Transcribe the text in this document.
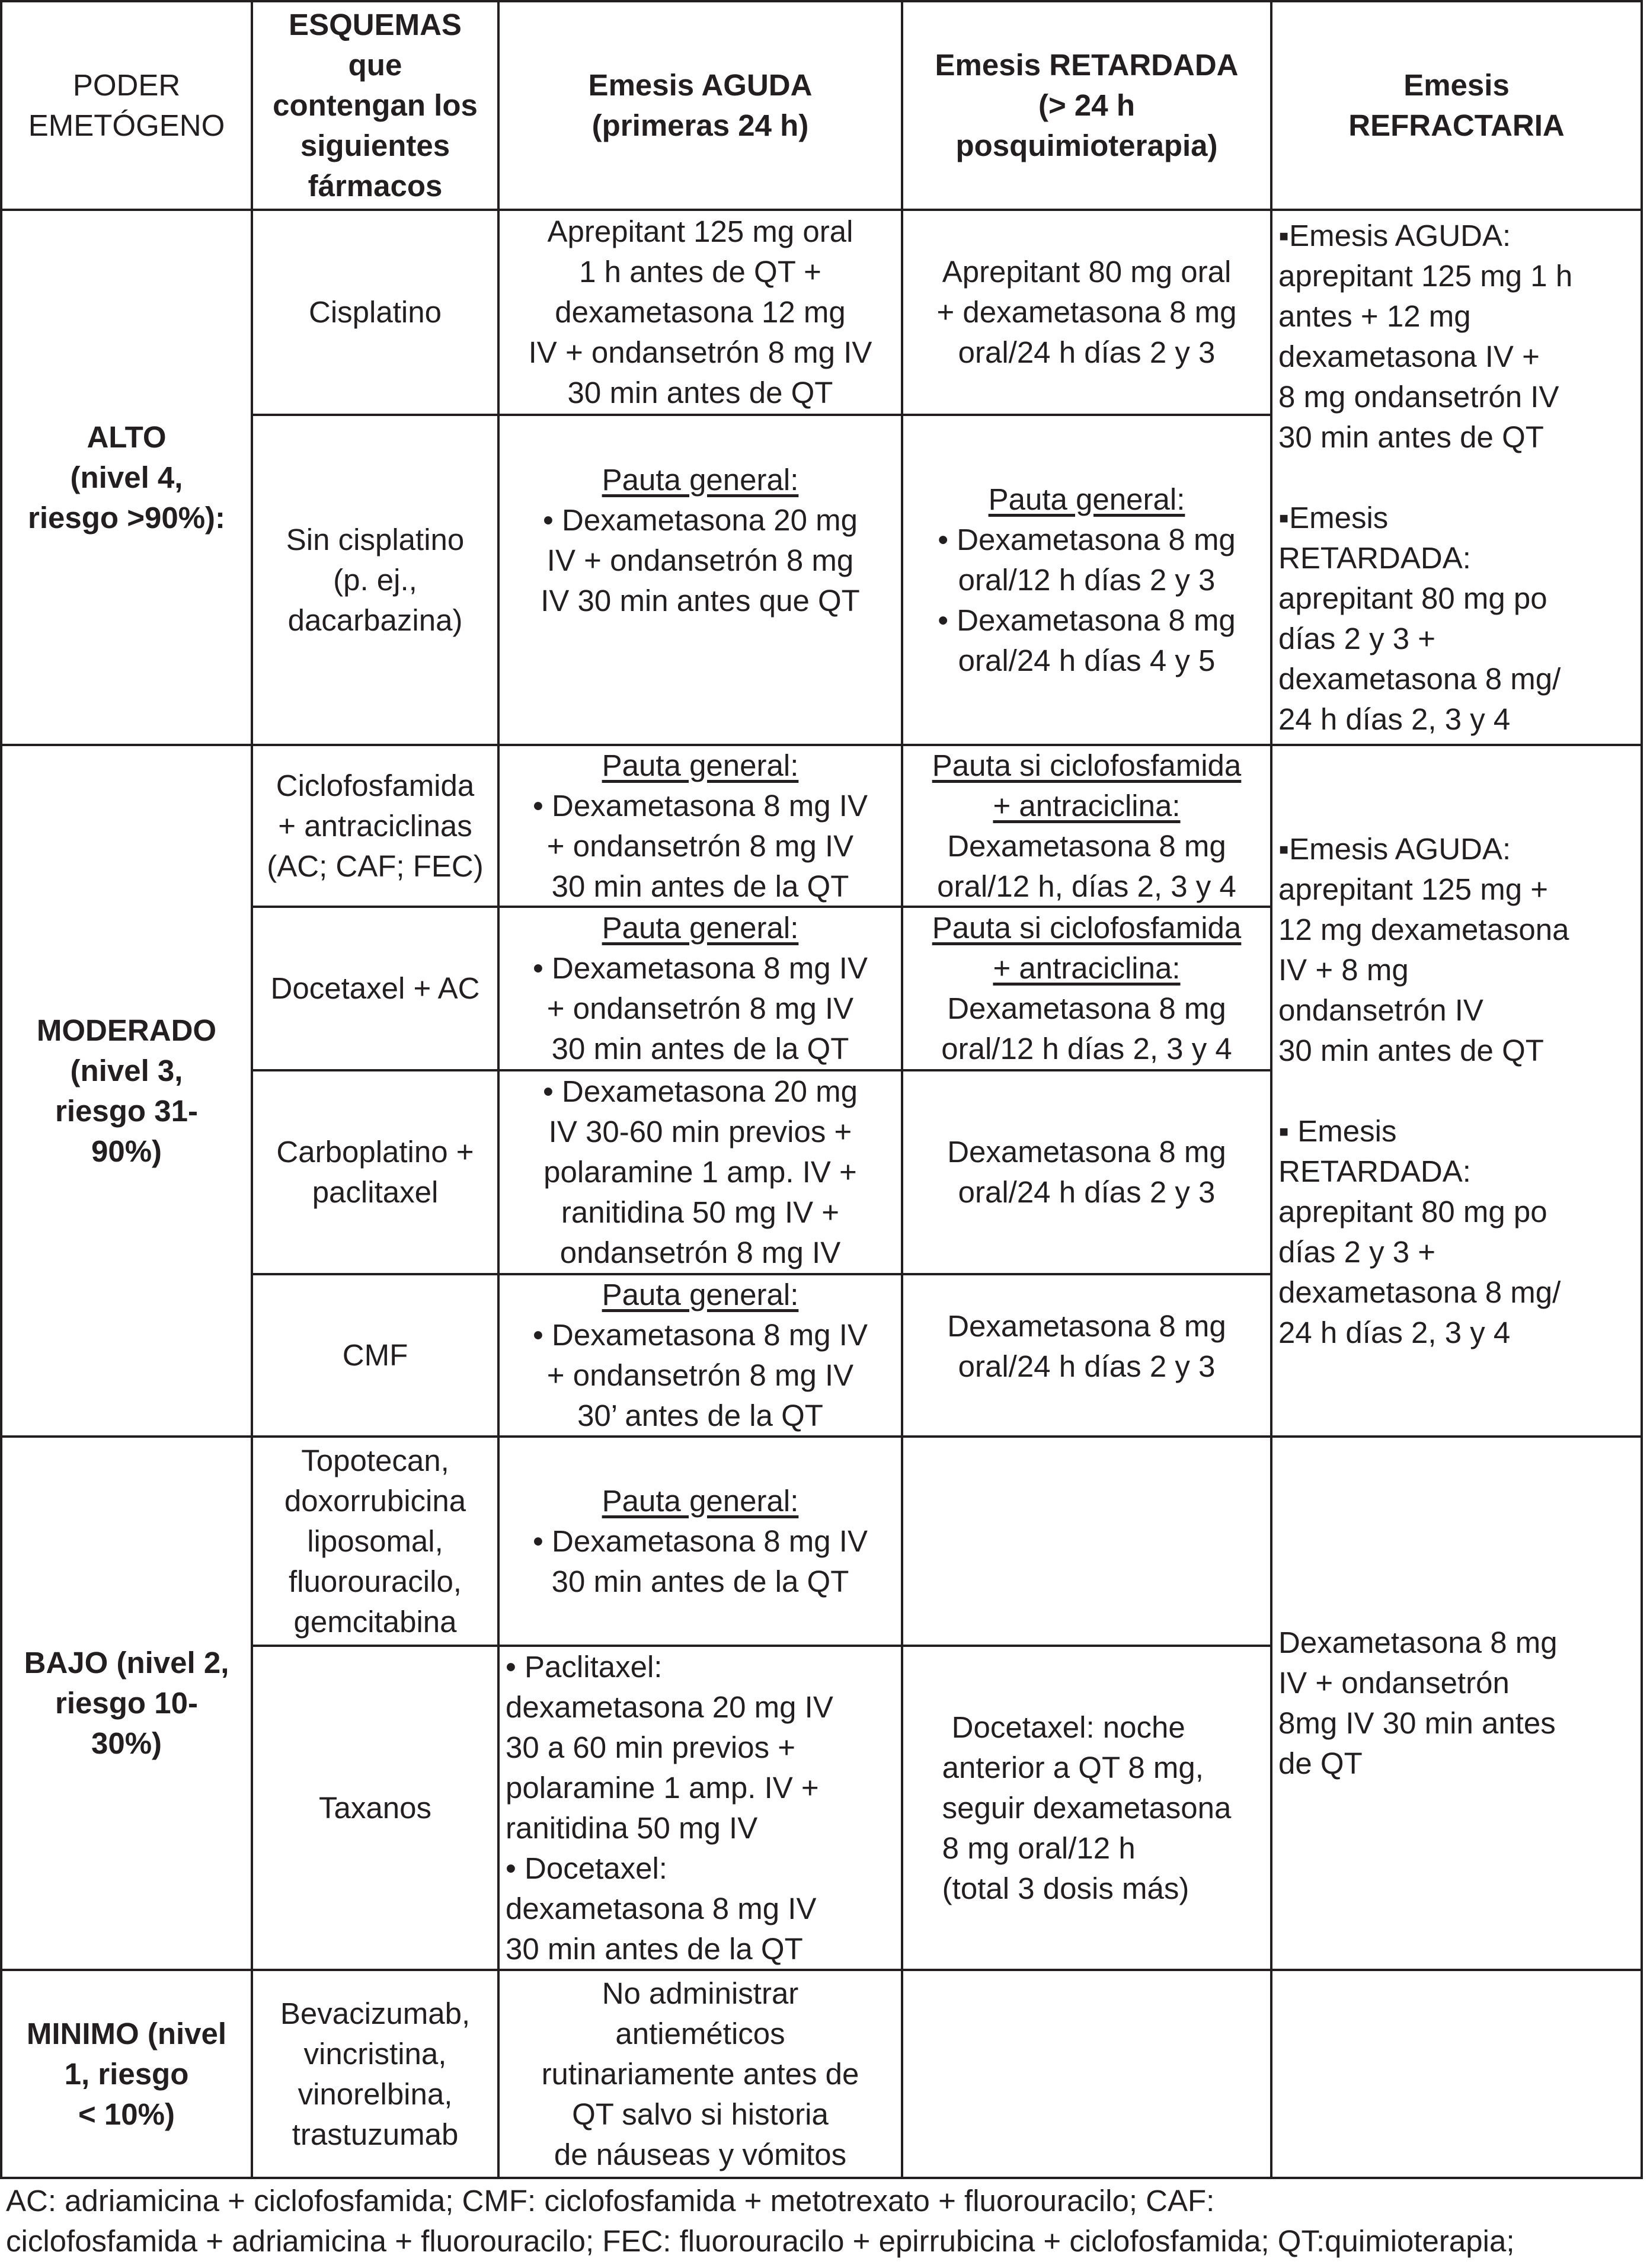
PODER
EMETÓGENO
ESQUEMAS
que
contengan los
siguientes
fármacos
Emesis AGUDA
(primeras 24 h)
Emesis RETARDADA
(> 24 h
posquimioterapia)
Emesis
REFRACTARIA
ALTO
(nivel 4,
riesgo >90%):
MODERADO
(nivel 3,
riesgo 31-
90%)
BAJO (nivel 2,
riesgo 10-
30%)
MINIMO (nivel
1, riesgo
< 10%)
Cisplatino
Aprepitant 125 mg oral
1 h antes de QT +
dexametasona 12 mg
IV + ondansetrón 8 mg IV
30 min antes de QT
Aprepitant 80 mg oral
+ dexametasona 8 mg
oral/24 h días 2 y 3
Sin cisplatino
(p. ej.,
dacarbazina)
Pauta general:
• Dexametasona 20 mg
IV + ondansetrón 8 mg
IV 30 min antes que QT
Pauta general:
• Dexametasona 8 mg
oral/12 h días 2 y 3
• Dexametasona 8 mg
oral/24 h días 4 y 5
▪Emesis AGUDA:
aprepitant 125 mg 1 h
antes + 12 mg
dexametasona IV +
8 mg ondansetrón IV
30 min antes de QT
▪Emesis
RETARDADA:
aprepitant 80 mg po
días 2 y 3 +
dexametasona 8 mg/
24 h días 2, 3 y 4
Ciclofosfamida
+ antraciclinas
(AC; CAF; FEC)
Pauta general:
• Dexametasona 8 mg IV
+ ondansetrón 8 mg IV
30 min antes de la QT
Pauta si ciclofosfamida
+ antraciclina:
Dexametasona 8 mg
oral/12 h, días 2, 3 y 4
Docetaxel + AC
Pauta general:
• Dexametasona 8 mg IV
+ ondansetrón 8 mg IV
30 min antes de la QT
Pauta si ciclofosfamida
+ antraciclina:
Dexametasona 8 mg
oral/12 h días 2, 3 y 4
Carboplatino +
paclitaxel
• Dexametasona 20 mg
IV 30-60 min previos +
polaramine 1 amp. IV +
ranitidina 50 mg IV +
ondansetrón 8 mg IV
Dexametasona 8 mg
oral/24 h días 2 y 3
CMF
Pauta general:
• Dexametasona 8 mg IV
+ ondansetrón 8 mg IV
30’ antes de la QT
Dexametasona 8 mg
oral/24 h días 2 y 3
▪Emesis AGUDA:
aprepitant 125 mg +
12 mg dexametasona
IV + 8 mg
ondansetrón IV
30 min antes de QT
▪ Emesis
RETARDADA:
aprepitant 80 mg po
días 2 y 3 +
dexametasona 8 mg/
24 h días 2, 3 y 4
Topotecan,
doxorrubicina
liposomal,
fluorouracilo,
gemcitabina
Pauta general:
• Dexametasona 8 mg IV
30 min antes de la QT
Taxanos
• Paclitaxel:
dexametasona 20 mg IV
30 a 60 min previos +
polaramine 1 amp. IV +
ranitidina 50 mg IV
• Docetaxel:
dexametasona 8 mg IV
30 min antes de la QT
Docetaxel: noche
anterior a QT 8 mg,
seguir dexametasona
8 mg oral/12 h
(total 3 dosis más)
Dexametasona 8 mg
IV + ondansetrón
8mg IV 30 min antes
de QT
Bevacizumab,
vincristina,
vinorelbina,
trastuzumab
No administrar
antieméticos
rutinariamente antes de
QT salvo si historia
de náuseas y vómitos
AC: adriamicina + ciclofosfamida; CMF: ciclofosfamida + metotrexato + fluorouracilo; CAF:
ciclofosfamida + adriamicina + fluorouracilo; FEC: fluorouracilo + epirrubicina + ciclofosfamida; QT:quimioterapia;
